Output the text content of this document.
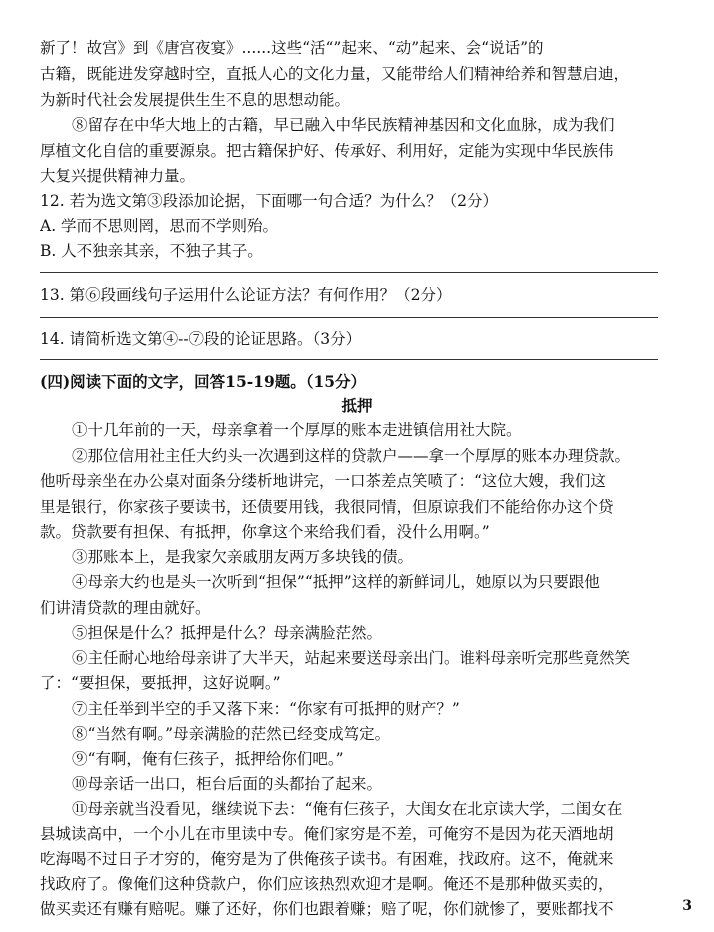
新了！故宫》到《唐宫夜宴》......这些“活“”起来、“动”起来、会“说话”的
古籍，既能进发穿越时空，直抵人心的文化力量，又能带给人们精神给养和智慧启迪，
为新时代社会发展提供生生不息的思想动能。
⑧留存在中华大地上的古籍，早已融入中华民族精神基因和文化血脉，成为我们
厚植文化自信的重要源泉。把古籍保护好、传承好、利用好，定能为实现中华民族伟
大复兴提供精神力量。
12. 若为选文第③段添加论据，下面哪一句合适？为什么？（2分）
A. 学而不思则罔，思而不学则殆。
B. 人不独亲其亲，不独子其子。
13. 第⑥段画线句子运用什么论证方法？有何作用？（2分）
14. 请简析选文第④--⑦段的论证思路。（3分）
(四)阅读下面的文字，回答15-19题。（15分）
抵押
①十几年前的一天，母亲拿着一个厚厚的账本走进镇信用社大院。
②那位信用社主任大约头一次遇到这样的贷款户——拿一个厚厚的账本办理贷款。
他听母亲坐在办公桌对面条分缕析地讲完，一口茶差点笑喷了：“这位大嫂，我们这
里是银行，你家孩子要读书，还债要用钱，我很同情，但原谅我们不能给你办这个贷
款。贷款要有担保、有抵押，你拿这个来给我们看，没什么用啊。”
③那账本上，是我家欠亲戚朋友两万多块钱的债。
④母亲大约也是头一次听到“担保”“抵押”这样的新鲜词儿，她原以为只要跟他
们讲清贷款的理由就好。
⑤担保是什么？抵押是什么？母亲满脸茫然。
⑥主任耐心地给母亲讲了大半天，站起来要送母亲出门。谁料母亲听完那些竟然笑
了：“要担保，要抵押，这好说啊。”
⑦主任举到半空的手又落下来：“你家有可抵押的财产？”
⑧“当然有啊。”母亲满脸的茫然已经变成笃定。
⑨“有啊，俺有仨孩子，抵押给你们吧。”
⑩母亲话一出口，柜台后面的头都抬了起来。
⑪母亲就当没看见，继续说下去：“俺有仨孩子，大闺女在北京读大学，二闺女在
县城读高中，一个小儿在市里读中专。俺们家穷是不差，可俺穷不是因为花天酒地胡
吃海喝不过日子才穷的，俺穷是为了供俺孩子读书。有困难，找政府。这不，俺就来
找政府了。像俺们这种贷款户，你们应该热烈欢迎才是啊。俺还不是那种做买卖的，
做买卖还有赚有赔呢。赚了还好，你们也跟着赚；赔了呢，你们就惨了，要账都找不	3
